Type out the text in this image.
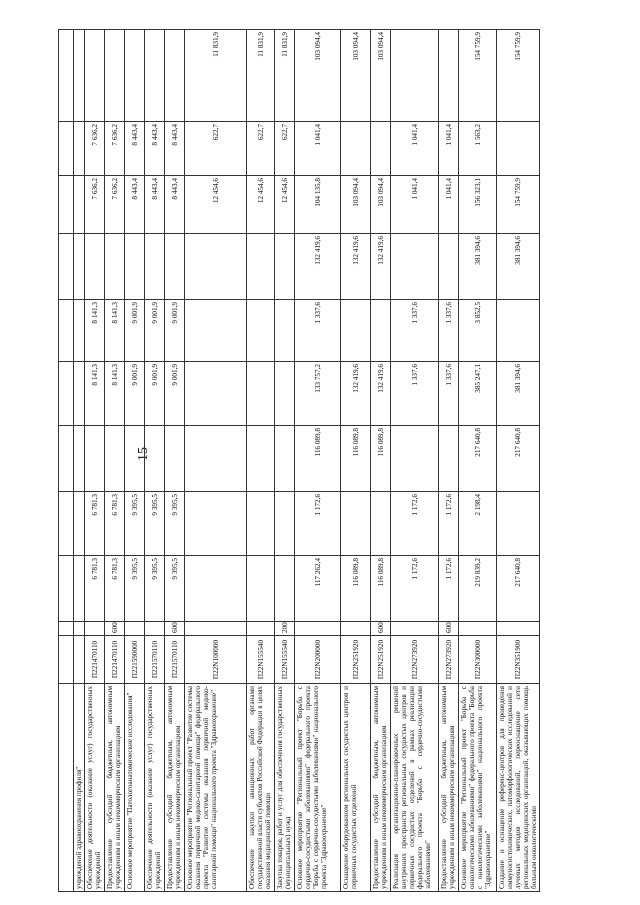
15

учреждений здравоохранения профиля"											
Обеспечение деятельности (оказание услуг) государственных учреждений	П221470110		6 781,3	6 781,3		8 141,3	8 141,3		7 636,2	7 636,2	
Предоставление субсидий бюджетным, автономным учреждениям и иным некоммерческим организациям	П221470110	600	6 781,3	6 781,3		8 141,3	8 141,3		7 636,2	7 636,2	
Основное мероприятие "Патологоанатомические исследования"	П221590000		9 395,5	9 395,5		9 001,9	9 001,9		8 443,4	8 443,4	
Обеспечение деятельности (оказание услуг) государственных учреждений	П221570110		9 395,5	9 395,5		9 001,9	9 001,9		8 443,4	8 443,4	
Предоставление субсидий бюджетным, автономным учреждениям и иным некоммерческим организациям	П221570110	600	9 395,5	9 395,5		9 001,9	9 001,9		8 443,4	8 443,4	
Основное мероприятие "Региональный проект "Развитие системы оказания первичной медико-санитарной помощи" федерального проекта "Развитие системы оказания первичной медико-санитарной помощи" национального проекта "Здравоохранение"	П22N100000								12 454,6	622,7	11 831,9
Обеспечение закупки авиационных работ органами государственной власти субъектов Российской Федерации в целях оказания медицинской помощи	П22N155540								12 454,6	622,7	11 831,9
Закупка товаров, работ и услуг для обеспечения государственных (муниципальных) нужд	П22N155540	200							12 454,6	622,7	11 831,9
Основное мероприятие "Региональный проект "Борьба с сердечно-сосудистыми заболеваниями" федерального проекта "Борьба с сердечно-сосудистыми заболеваниями" национального проекта "Здравоохранение"	П22N200000		117 262,4	1 172,6	116 089,8	133 757,2	1 337,6	132 419,6	104 135,8	1 041,4	103 094,4
Оснащение оборудованием региональных сосудистых центров и первичных сосудистых отделений	П22N251920		116 089,8		116 089,8	132 419,6		132 419,6	103 094,4		103 094,4
Предоставление субсидий бюджетным, автономным учреждениям и иным некоммерческим организациям	П22N251920	600	116 089,8		116 089,8	132 419,6		132 419,6	103 094,4		103 094,4
Реализация организационно-планировочных решений внутренних пространств региональных сосудистых центров и первичных сосудистых отделений в рамках реализации федерального проекта "Борьба с сердечно-сосудистыми заболеваниями"	П22N273920		1 172,6	1 172,6		1 337,6	1 337,6		1 041,4	1 041,4	
Предоставление субсидий бюджетным, автономным учреждениям и иным некоммерческим организациям	П22N273920	600	1 172,6	1 172,6		1 337,6	1 337,6		1 041,4	1 041,4	
Основное мероприятие "Региональный проект "Борьба с онкологическими заболеваниями" федерального проекта "Борьба с онкологическими заболеваниями" национального проекта "Здравоохранение"	П22N300000		219 839,2	2 198,4	217 640,8	385 247,1	3 852,5	381 394,6	156 323,1	1 563,2	154 759,9
Создание и оснащение референс-центров для проведения иммуногистохимических, патоморфологических исследований и лучевых методов исследований, переоснащение сети региональных медицинских организаций, оказывающих помощь больным онкологическими	П22N351900		217 640,8		217 640,8	381 394,6		381 394,6	154 759,9		154 759,9
